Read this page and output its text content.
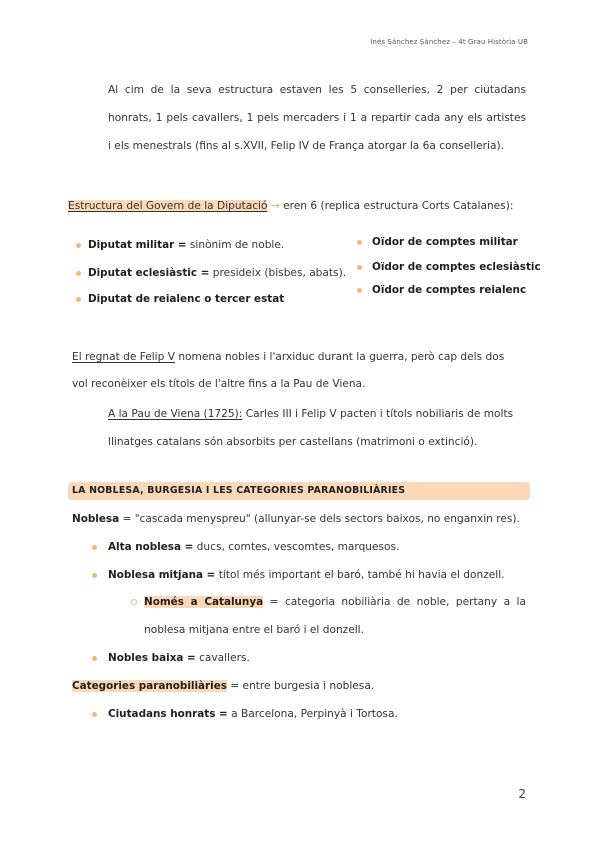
Inés Sánchez Sánchez – 4t Grau Història UB
Al cim de la seva estructura estaven les 5 conselleries, 2 per ciutadans
honrats, 1 pels cavallers, 1 pels mercaders i 1 a repartir cada any els artistes
i els menestrals (fins al s.XVII, Felip IV de França atorgar la 6a conselleria).
Estructura del Govern de la Diputació → eren 6 (replica estructura Corts Catalanes):
Diputat militar = sinònim de noble.
Diputat eclesiàstic = presideix (bisbes, abats).
Diputat de reialenc o tercer estat
Oïdor de comptes militar
Oïdor de comptes eclesiàstic
Oïdor de comptes reialenc
El regnat de Felip V nomena nobles i l'arxiduc durant la guerra, però cap dels dos
vol reconèixer els títols de l'altre fins a la Pau de Viena.
A la Pau de Viena (1725): Carles III i Felip V pacten i títols nobiliaris de molts
llinatges catalans són absorbits per castellans (matrimoni o extinció).
LA NOBLESA, BURGESIA I LES CATEGORIES PARANOBILIÀRIES
Noblesa = "cascada menyspreu" (allunyar-se dels sectors baixos, no enganxin res).
Alta noblesa = ducs, comtes, vescomtes, marquesos.
Noblesa mitjana = títol més important el baró, també hi havia el donzell.
Només a Catalunya = categoria nobiliària de noble, pertany a la
noblesa mitjana entre el baró i el donzell.
Nobles baixa = cavallers.
Categories paranobiliàries = entre burgesia i noblesa.
Ciutadans honrats = a Barcelona, Perpinyà i Tortosa.
2
